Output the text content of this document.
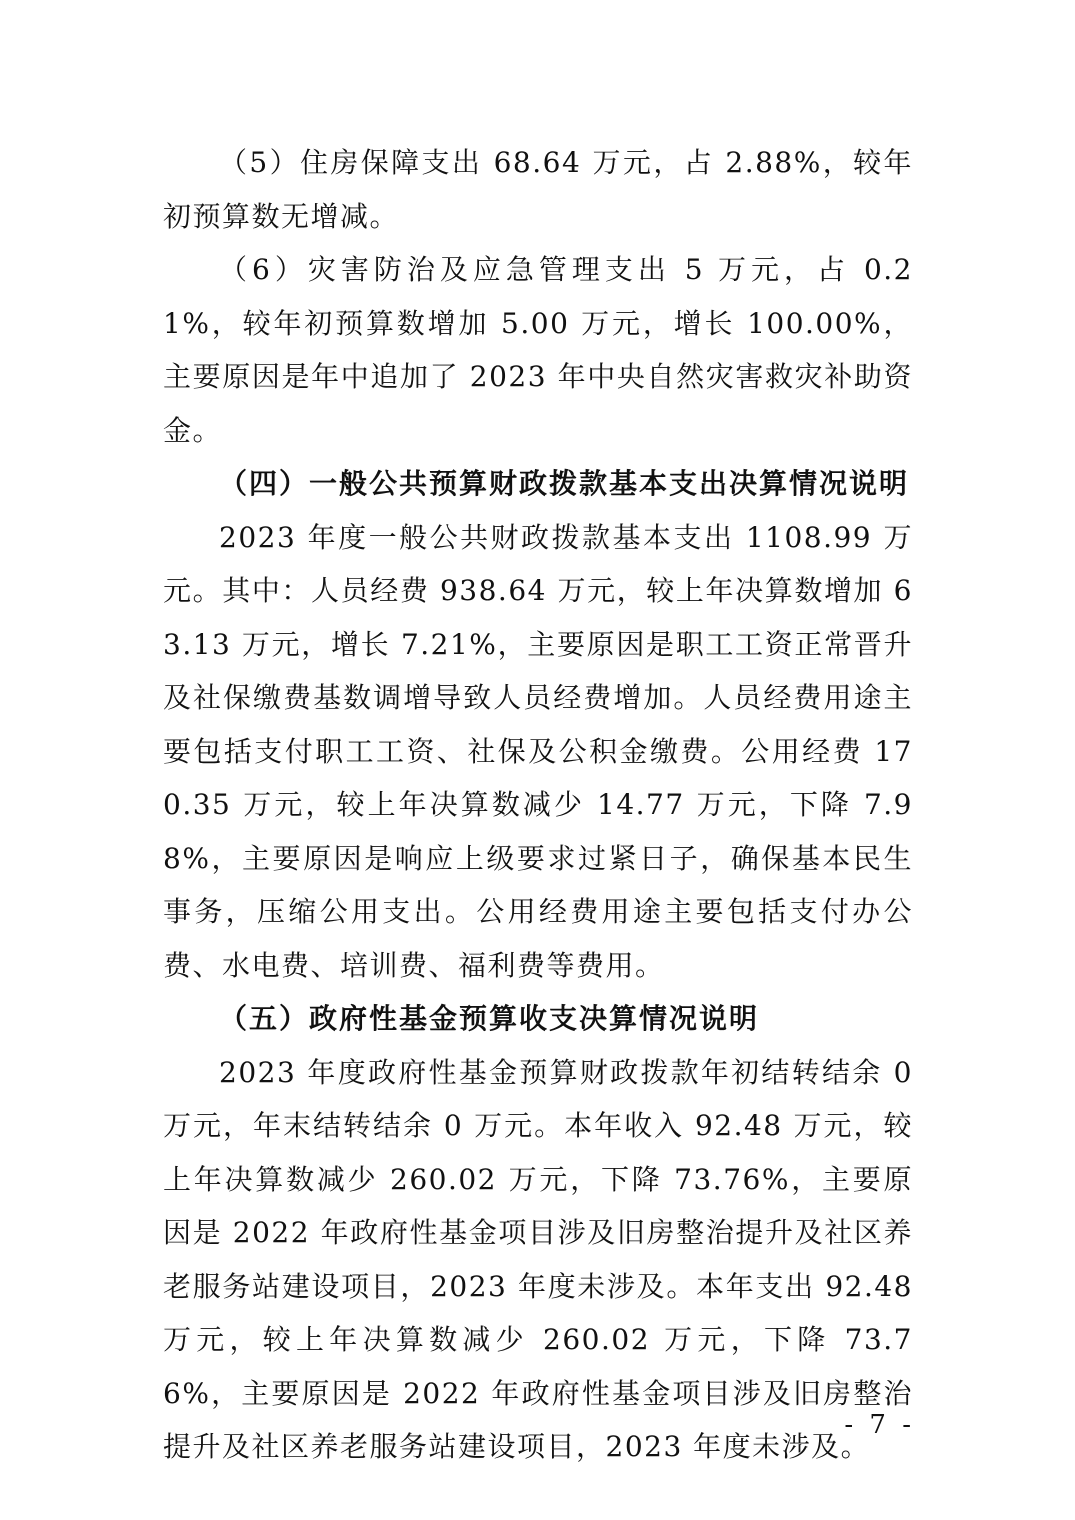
（5）住房保障支出 68.64 万元，占 2.88%，较年初预算数无增减。

（6）灾害防治及应急管理支出 5 万元，占 0.21%，较年初预算数增加 5.00 万元，增长 100.00%，主要原因是年中追加了 2023 年中央自然灾害救灾补助资金。

（四）一般公共预算财政拨款基本支出决算情况说明

2023 年度一般公共财政拨款基本支出 1108.99 万元。其中：人员经费 938.64 万元，较上年决算数增加 63.13 万元，增长 7.21%，主要原因是职工工资正常晋升及社保缴费基数调增导致人员经费增加。人员经费用途主要包括支付职工工资、社保及公积金缴费。公用经费 170.35 万元，较上年决算数减少 14.77 万元，下降 7.98%，主要原因是响应上级要求过紧日子，确保基本民生事务，压缩公用支出。公用经费用途主要包括支付办公费、水电费、培训费、福利费等费用。

（五）政府性基金预算收支决算情况说明

2023 年度政府性基金预算财政拨款年初结转结余 0 万元，年末结转结余 0 万元。本年收入 92.48 万元，较上年决算数减少 260.02 万元，下降 73.76%，主要原因是 2022 年政府性基金项目涉及旧房整治提升及社区养老服务站建设项目，2023 年度未涉及。本年支出 92.48 万元，较上年决算数减少 260.02 万元，下降 73.76%，主要原因是 2022 年政府性基金项目涉及旧房整治提升及社区养老服务站建设项目，2023 年度未涉及。

- 7 -
